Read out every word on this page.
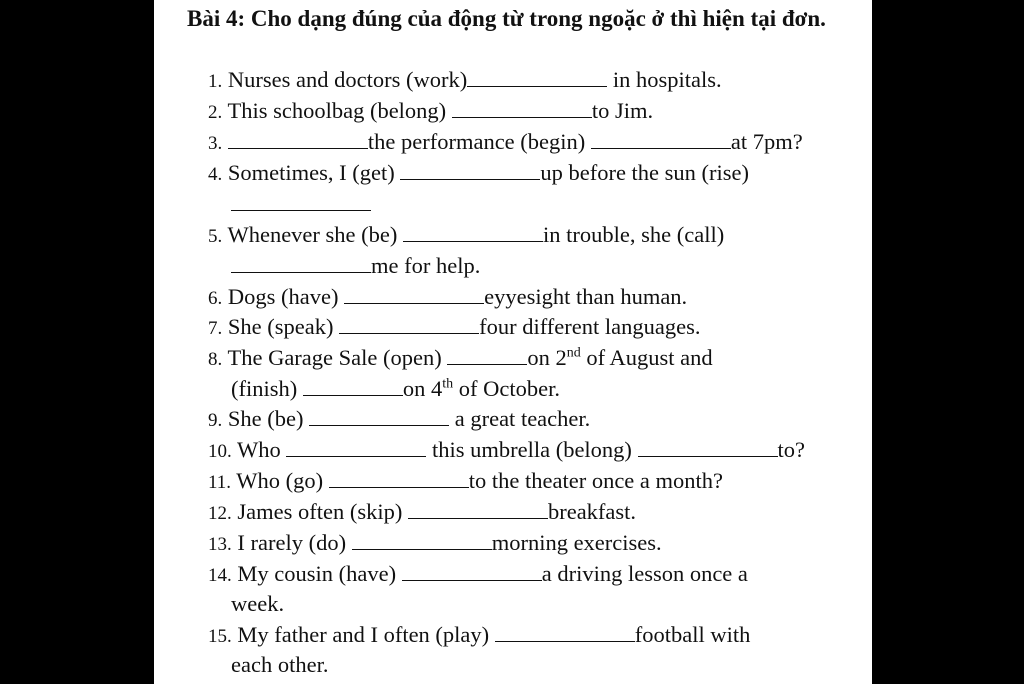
Bài 4: Cho dạng đúng của động từ trong ngoặc ở thì hiện tại đơn.
1. Nurses and doctors (work)	in hospitals.
2. This schoolbag (belong)	to Jim.
3.	the performance (begin)	at 7pm?
4. Sometimes, I (get)	up before the sun (rise)
5. Whenever she (be)	in trouble, she (call)
me for help.
6. Dogs (have)	eyyesight than human.
7. She (speak)	four different languages.
8. The Garage Sale (open)	on 2nd of August and
(finish)	on 4th of October.
9. She (be)	a great teacher.
10. Who	this umbrella (belong)	to?
11. Who (go)	to the theater once a month?
12. James often (skip)	breakfast.
13. I rarely (do)	morning exercises.
14. My cousin (have)	a driving lesson once a
week.
15. My father and I often (play)	football with
each other.
